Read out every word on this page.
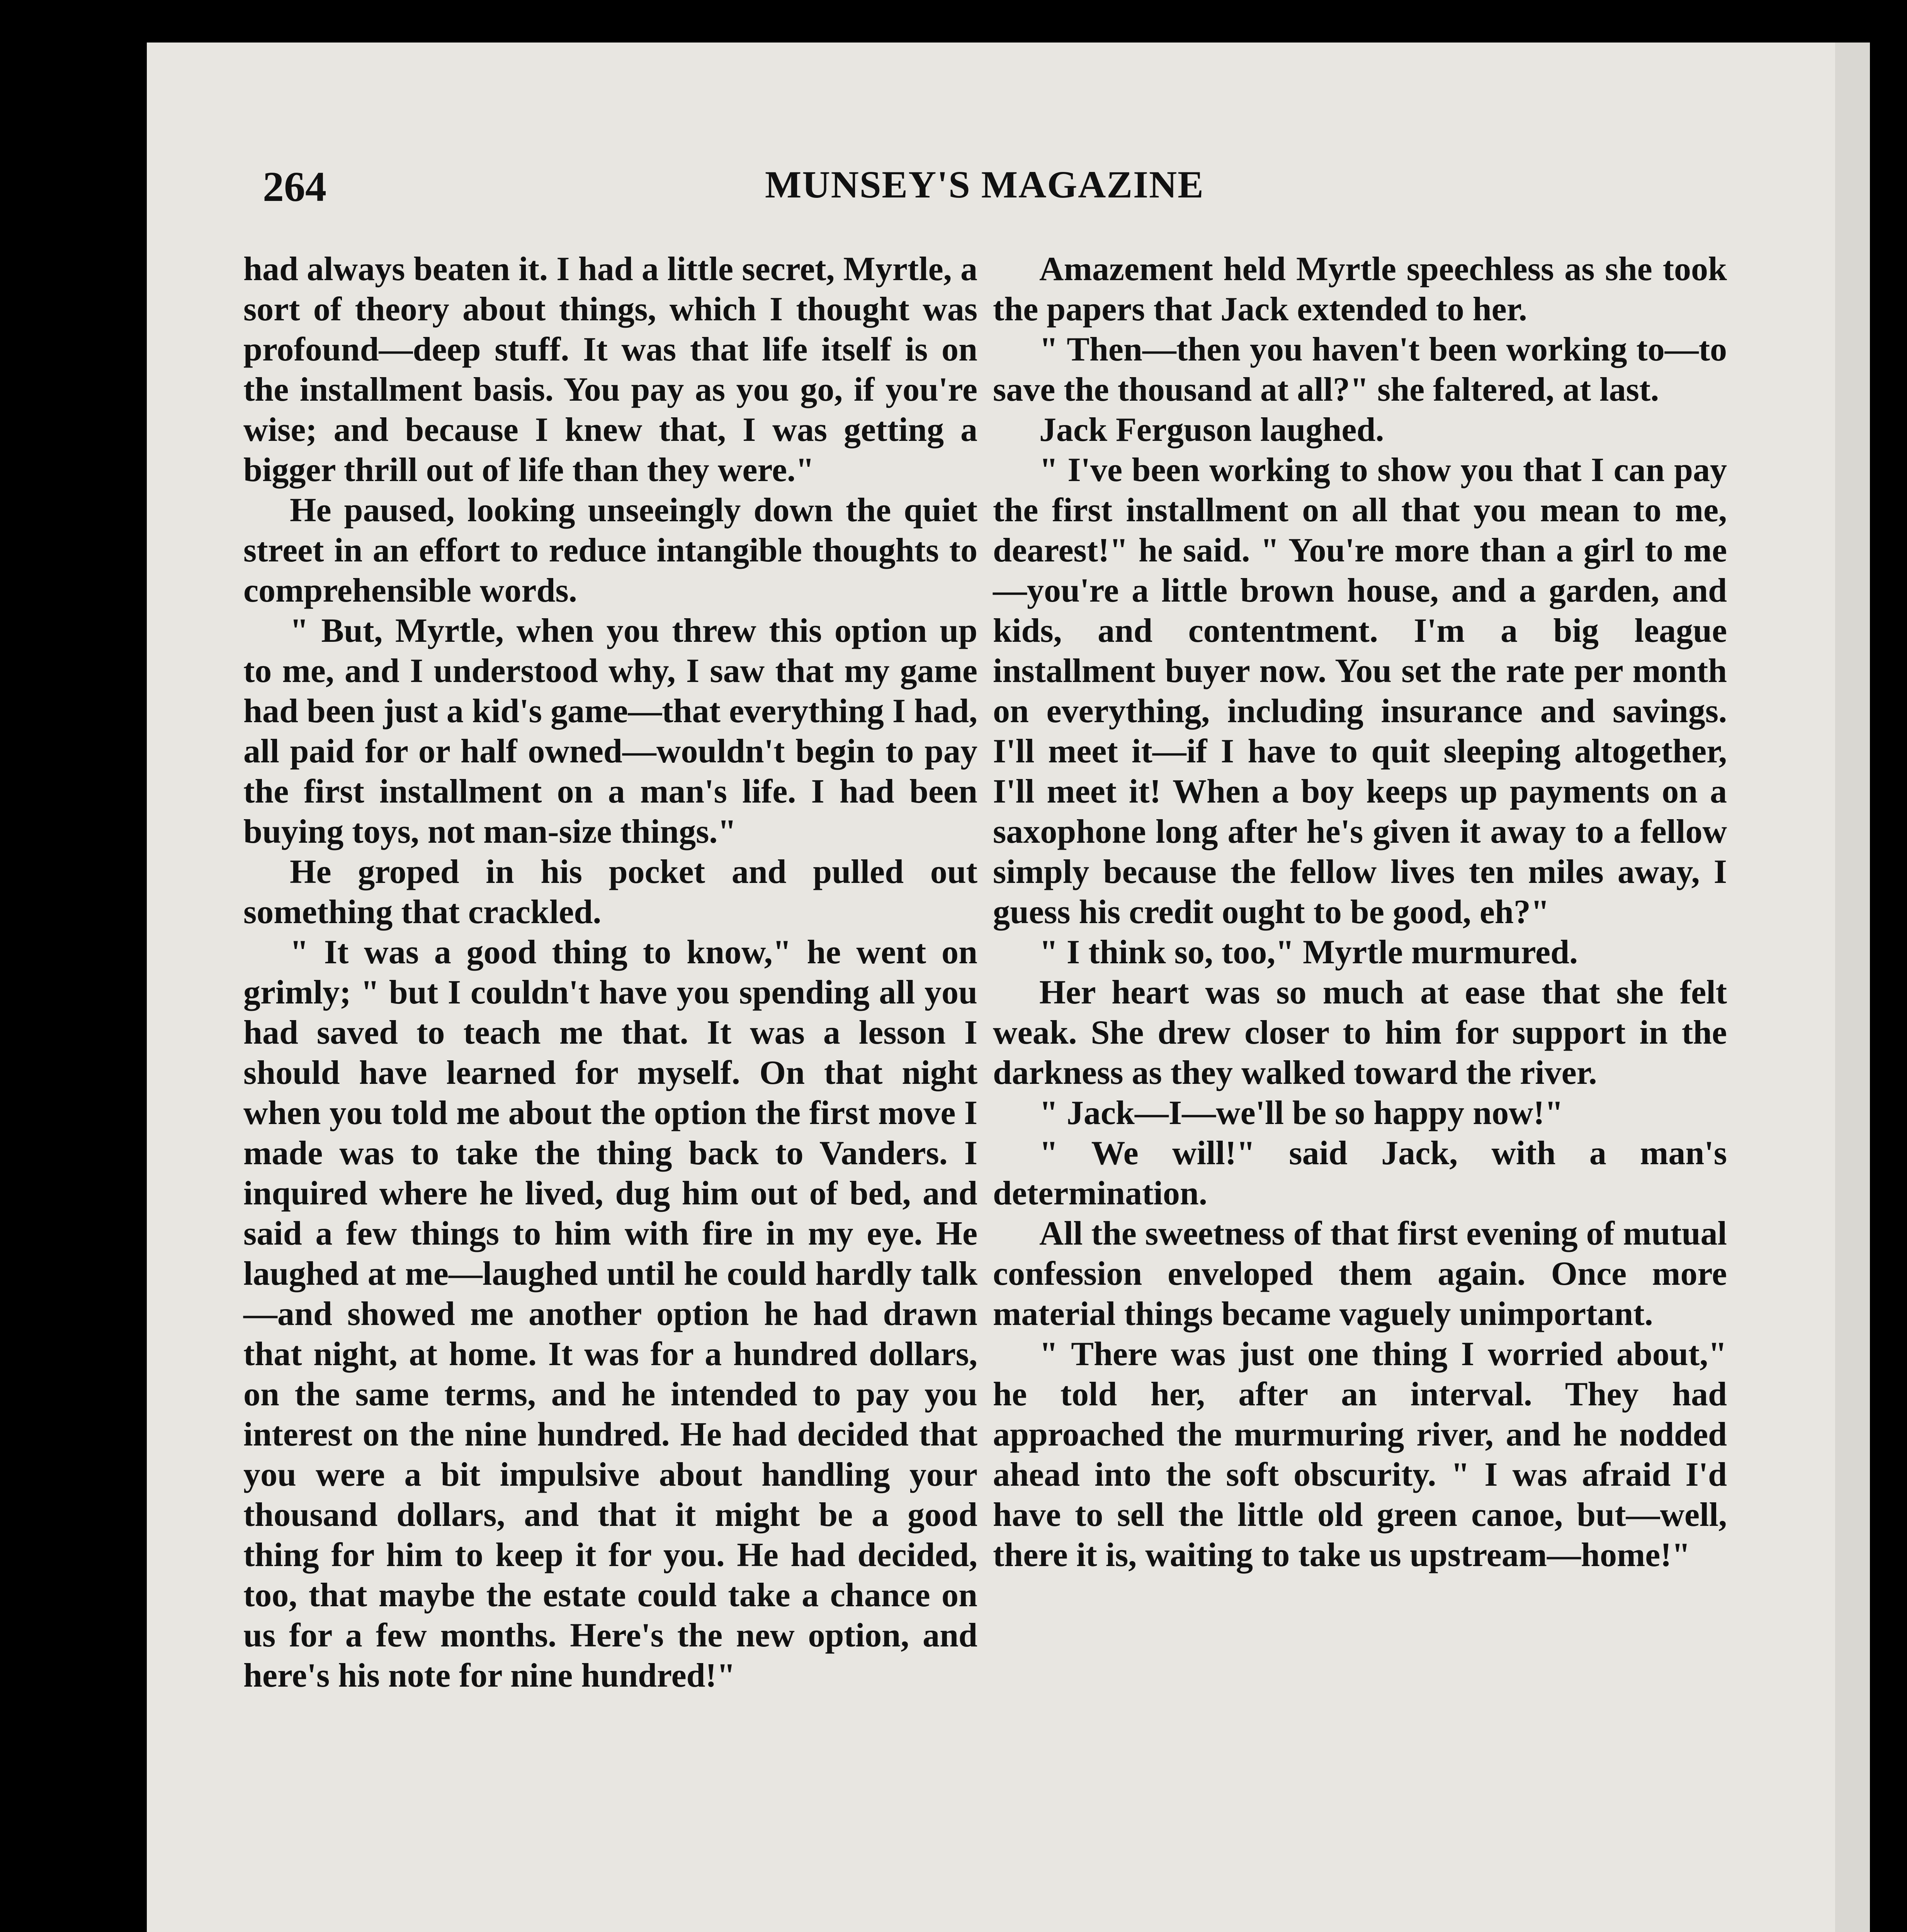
264	MUNSEY'S MAGAZINE

had always beaten it. I had a little secret, Myrtle, a sort of theory about things, which I thought was profound—deep stuff. It was that life itself is on the installment basis. You pay as you go, if you're wise; and because I knew that, I was getting a bigger thrill out of life than they were."

He paused, looking unseeingly down the quiet street in an effort to reduce intangible thoughts to comprehensible words.

" But, Myrtle, when you threw this option up to me, and I understood why, I saw that my game had been just a kid's game—that everything I had, all paid for or half owned—wouldn't begin to pay the first installment on a man's life. I had been buying toys, not man-size things."

He groped in his pocket and pulled out something that crackled.

" It was a good thing to know," he went on grimly; " but I couldn't have you spending all you had saved to teach me that. It was a lesson I should have learned for myself. On that night when you told me about the option the first move I made was to take the thing back to Vanders. I inquired where he lived, dug him out of bed, and said a few things to him with fire in my eye. He laughed at me—laughed until he could hardly talk—and showed me another option he had drawn that night, at home. It was for a hundred dollars, on the same terms, and he intended to pay you interest on the nine hundred. He had decided that you were a bit impulsive about handling your thousand dollars, and that it might be a good thing for him to keep it for you. He had decided, too, that maybe the estate could take a chance on us for a few months. Here's the new option, and here's his note for nine hundred!"

Amazement held Myrtle speechless as she took the papers that Jack extended to her.

" Then—then you haven't been working to—to save the thousand at all?" she faltered, at last.

Jack Ferguson laughed.

" I've been working to show you that I can pay the first installment on all that you mean to me, dearest!" he said. " You're more than a girl to me—you're a little brown house, and a garden, and kids, and contentment. I'm a big league installment buyer now. You set the rate per month on everything, including insurance and savings. I'll meet it—if I have to quit sleeping altogether, I'll meet it! When a boy keeps up payments on a saxophone long after he's given it away to a fellow simply because the fellow lives ten miles away, I guess his credit ought to be good, eh?"

" I think so, too," Myrtle murmured.

Her heart was so much at ease that she felt weak. She drew closer to him for support in the darkness as they walked toward the river.

" Jack—I—we'll be so happy now!"

" We will!" said Jack, with a man's determination.

All the sweetness of that first evening of mutual confession enveloped them again. Once more material things became vaguely unimportant.

" There was just one thing I worried about," he told her, after an interval. They had approached the murmuring river, and he nodded ahead into the soft obscurity. " I was afraid I'd have to sell the little old green canoe, but—well, there it is, waiting to take us upstream—home!"
